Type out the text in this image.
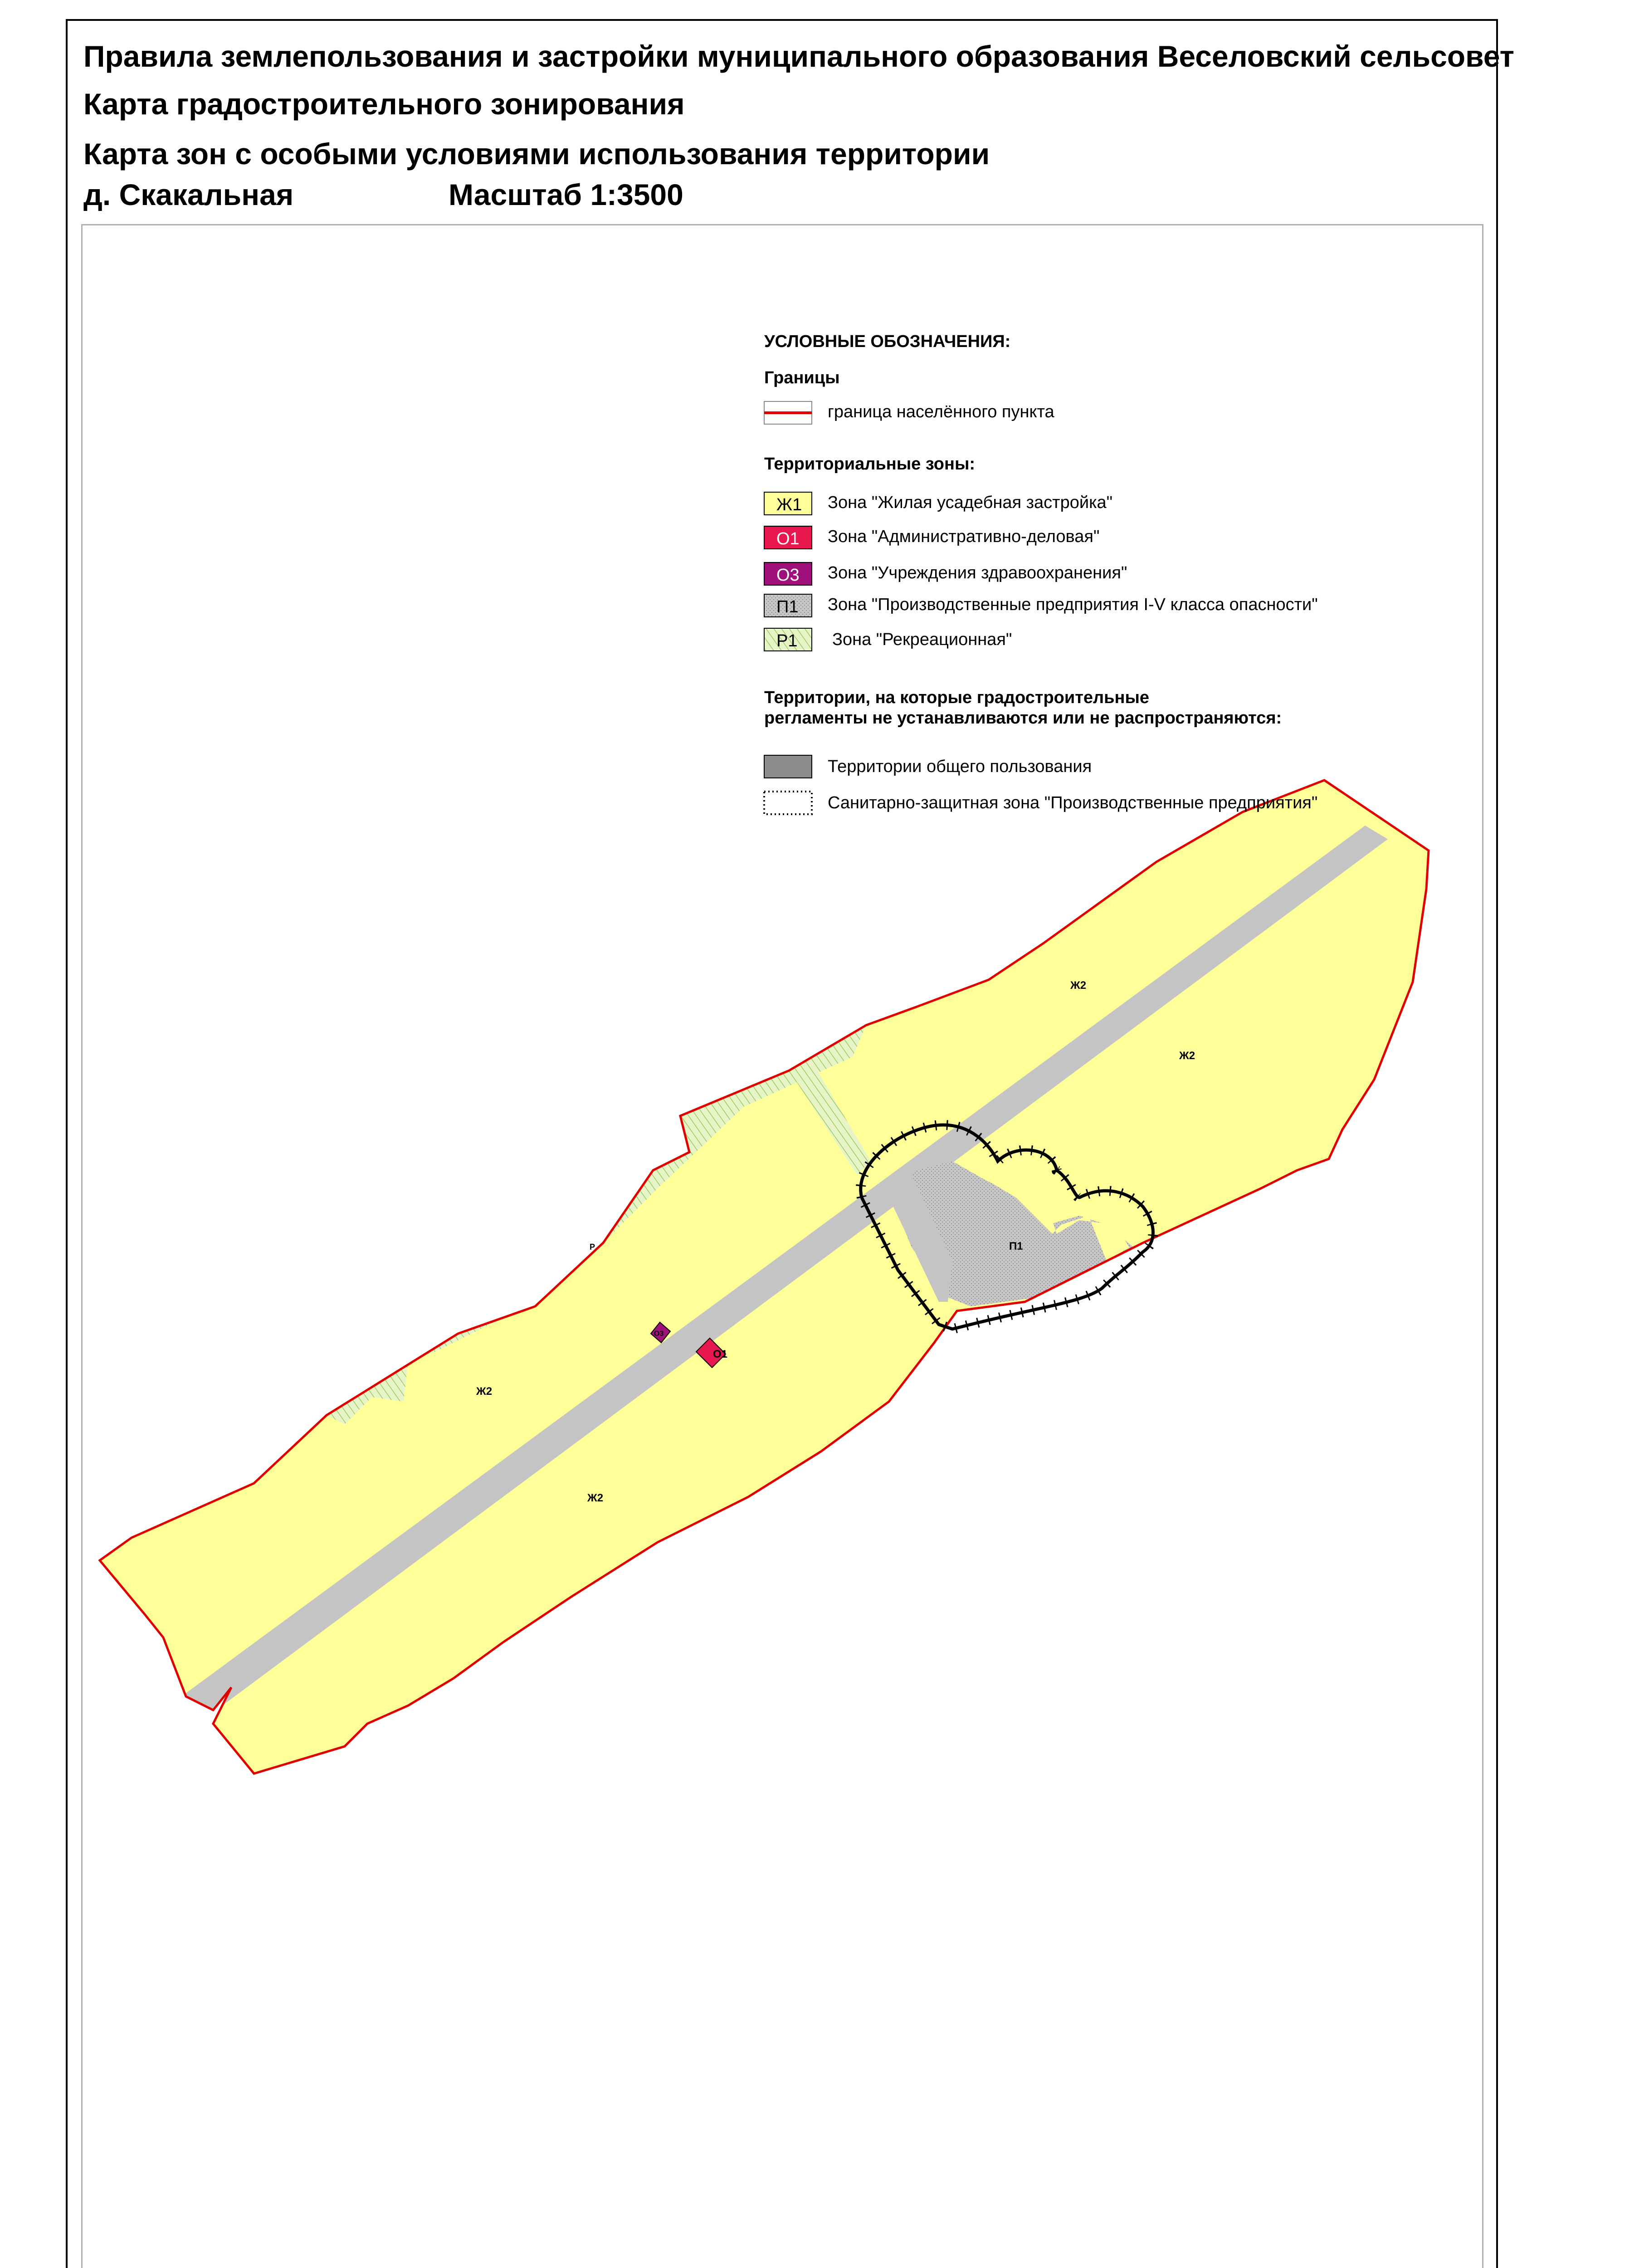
Правила землепользования и застройки муниципального образования Веселовский сельсовет
Карта градостроительного зонирования
Карта зон с особыми условиями использования территории
д. Скакальная	Масштаб 1:3500
Ж2
Ж2
Ж2
Ж2
П1
О1
О3
Р
УСЛОВНЫЕ ОБОЗНАЧЕНИЯ:
Границы
граница населённого пункта
Территориальные зоны:
Ж1 Зона "Жилая усадебная застройка"
О1 Зона "Административно-деловая"
О3 Зона "Учреждения здравоохранения"
П1 Зона "Производственные предприятия I-V класса опасности"
Р1 Зона "Рекреационная"
Территории, на которые градостроительные
регламенты не устанавливаются или не распространяются:
Территории общего пользования
Санитарно-защитная зона "Производственные предприятия"
